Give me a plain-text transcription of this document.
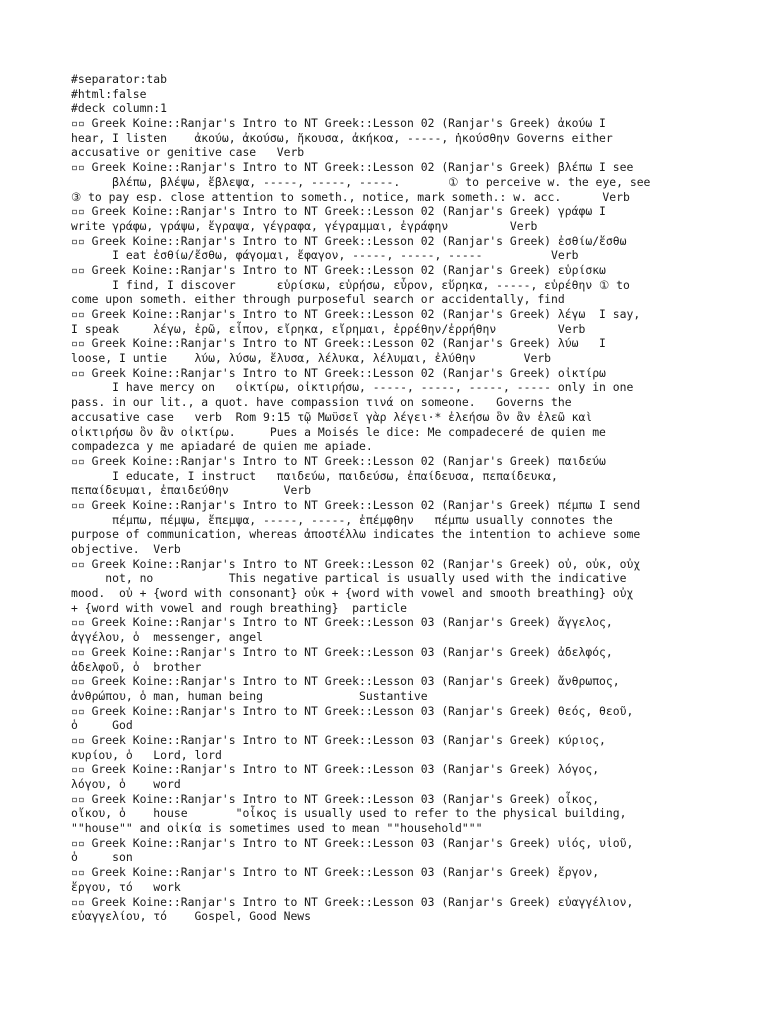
#separator:tab
#html:false
#deck column:1
▫▫ Greek Koine::Ranjar's Intro to NT Greek::Lesson 02 (Ranjar's Greek) ἀκούω I
hear, I listen    ἀκούω, ἀκούσω, ἤκουσα, ἀκήκοα, -----, ἠκούσθην Governs either
accusative or genitive case   Verb
▫▫ Greek Koine::Ranjar's Intro to NT Greek::Lesson 02 (Ranjar's Greek) βλέπω I see
βλέπω, βλέψω, ἔβλεψα, -----, -----, -----.       ① to perceive w. the eye, see
③ to pay esp. close attention to someth., notice, mark someth.: w. acc.      Verb
▫▫ Greek Koine::Ranjar's Intro to NT Greek::Lesson 02 (Ranjar's Greek) γράφω I
write γράφω, γράψω, ἔγραψα, γέγραφα, γέγραμμαι, ἐγράφην         Verb
▫▫ Greek Koine::Ranjar's Intro to NT Greek::Lesson 02 (Ranjar's Greek) ἐσθίω/ἔσθω
I eat ἐσθίω/ἔσθω, φάγομαι, ἔφαγον, -----, -----, -----          Verb
▫▫ Greek Koine::Ranjar's Intro to NT Greek::Lesson 02 (Ranjar's Greek) εὑρίσκω
I find, I discover      εὑρίσκω, εὑρήσω, εὗρον, εὕρηκα, -----, εὑρέθην ① to
come upon someth. either through purposeful search or accidentally, find
▫▫ Greek Koine::Ranjar's Intro to NT Greek::Lesson 02 (Ranjar's Greek) λέγω  I say,
I speak     λέγω, ἐρῶ, εἶπον, εἴρηκα, εἴρημαι, ἐρρέθην/ἐρρήθην         Verb
▫▫ Greek Koine::Ranjar's Intro to NT Greek::Lesson 02 (Ranjar's Greek) λύω   I
loose, I untie    λύω, λύσω, ἔλυσα, λέλυκα, λέλυμαι, ἐλύθην       Verb
▫▫ Greek Koine::Ranjar's Intro to NT Greek::Lesson 02 (Ranjar's Greek) οἰκτίρω
I have mercy on   οἰκτίρω, οἰκτιρήσω, -----, -----, -----, ----- only in one
pass. in our lit., a quot. have compassion τινά on someone.   Governs the
accusative case   verb  Rom 9:15 τῷ Μωϋσεῖ γὰρ λέγει·* ἐλεήσω ὃν ἂν ἐλεῶ καὶ
οἰκτιρήσω ὃν ἂν οἰκτίρω.     Pues a Moisés le dice: Me compadeceré de quien me
compadezca y me apiadaré de quien me apiade.
▫▫ Greek Koine::Ranjar's Intro to NT Greek::Lesson 02 (Ranjar's Greek) παιδεύω
I educate, I instruct   παιδεύω, παιδεύσω, ἐπαίδευσα, πεπαίδευκα,
πεπαίδευμαι, ἐπαιδεύθην        Verb
▫▫ Greek Koine::Ranjar's Intro to NT Greek::Lesson 02 (Ranjar's Greek) πέμπω I send
πέμπω, πέμψω, ἔπεμψα, -----, -----, ἐπέμφθην   πέμπω usually connotes the
purpose of communication, whereas ἀποστέλλω indicates the intention to achieve some
objective.  Verb
▫▫ Greek Koine::Ranjar's Intro to NT Greek::Lesson 02 (Ranjar's Greek) οὐ, οὐκ, οὐχ
not, no           This negative partical is usually used with the indicative
mood.  οὐ + {word with consonant} οὐκ + {word with vowel and smooth breathing} οὐχ
+ {word with vowel and rough breathing}  particle
▫▫ Greek Koine::Ranjar's Intro to NT Greek::Lesson 03 (Ranjar's Greek) ἄγγελος,
ἀγγέλου, ὁ  messenger, angel
▫▫ Greek Koine::Ranjar's Intro to NT Greek::Lesson 03 (Ranjar's Greek) ἀδελφός,
ἀδελφοῦ, ὁ  brother
▫▫ Greek Koine::Ranjar's Intro to NT Greek::Lesson 03 (Ranjar's Greek) ἄνθρωπος,
ἀνθρώπου, ὁ man, human being              Sustantive
▫▫ Greek Koine::Ranjar's Intro to NT Greek::Lesson 03 (Ranjar's Greek) θεός, θεοῦ,
ὁ     God
▫▫ Greek Koine::Ranjar's Intro to NT Greek::Lesson 03 (Ranjar's Greek) κύριος,
κυρίου, ὁ   Lord, lord
▫▫ Greek Koine::Ranjar's Intro to NT Greek::Lesson 03 (Ranjar's Greek) λόγος,
λόγου, ὁ    word
▫▫ Greek Koine::Ranjar's Intro to NT Greek::Lesson 03 (Ranjar's Greek) οἶκος,
οἴκου, ὁ    house       "οἶκος is usually used to refer to the physical building,
""house"" and οἰκία is sometimes used to mean ""household"""
▫▫ Greek Koine::Ranjar's Intro to NT Greek::Lesson 03 (Ranjar's Greek) υἱός, υἱοῦ,
ὁ     son
▫▫ Greek Koine::Ranjar's Intro to NT Greek::Lesson 03 (Ranjar's Greek) ἔργον,
ἔργου, τό   work
▫▫ Greek Koine::Ranjar's Intro to NT Greek::Lesson 03 (Ranjar's Greek) εὐαγγέλιον,
εὐαγγελίου, τό    Gospel, Good News
